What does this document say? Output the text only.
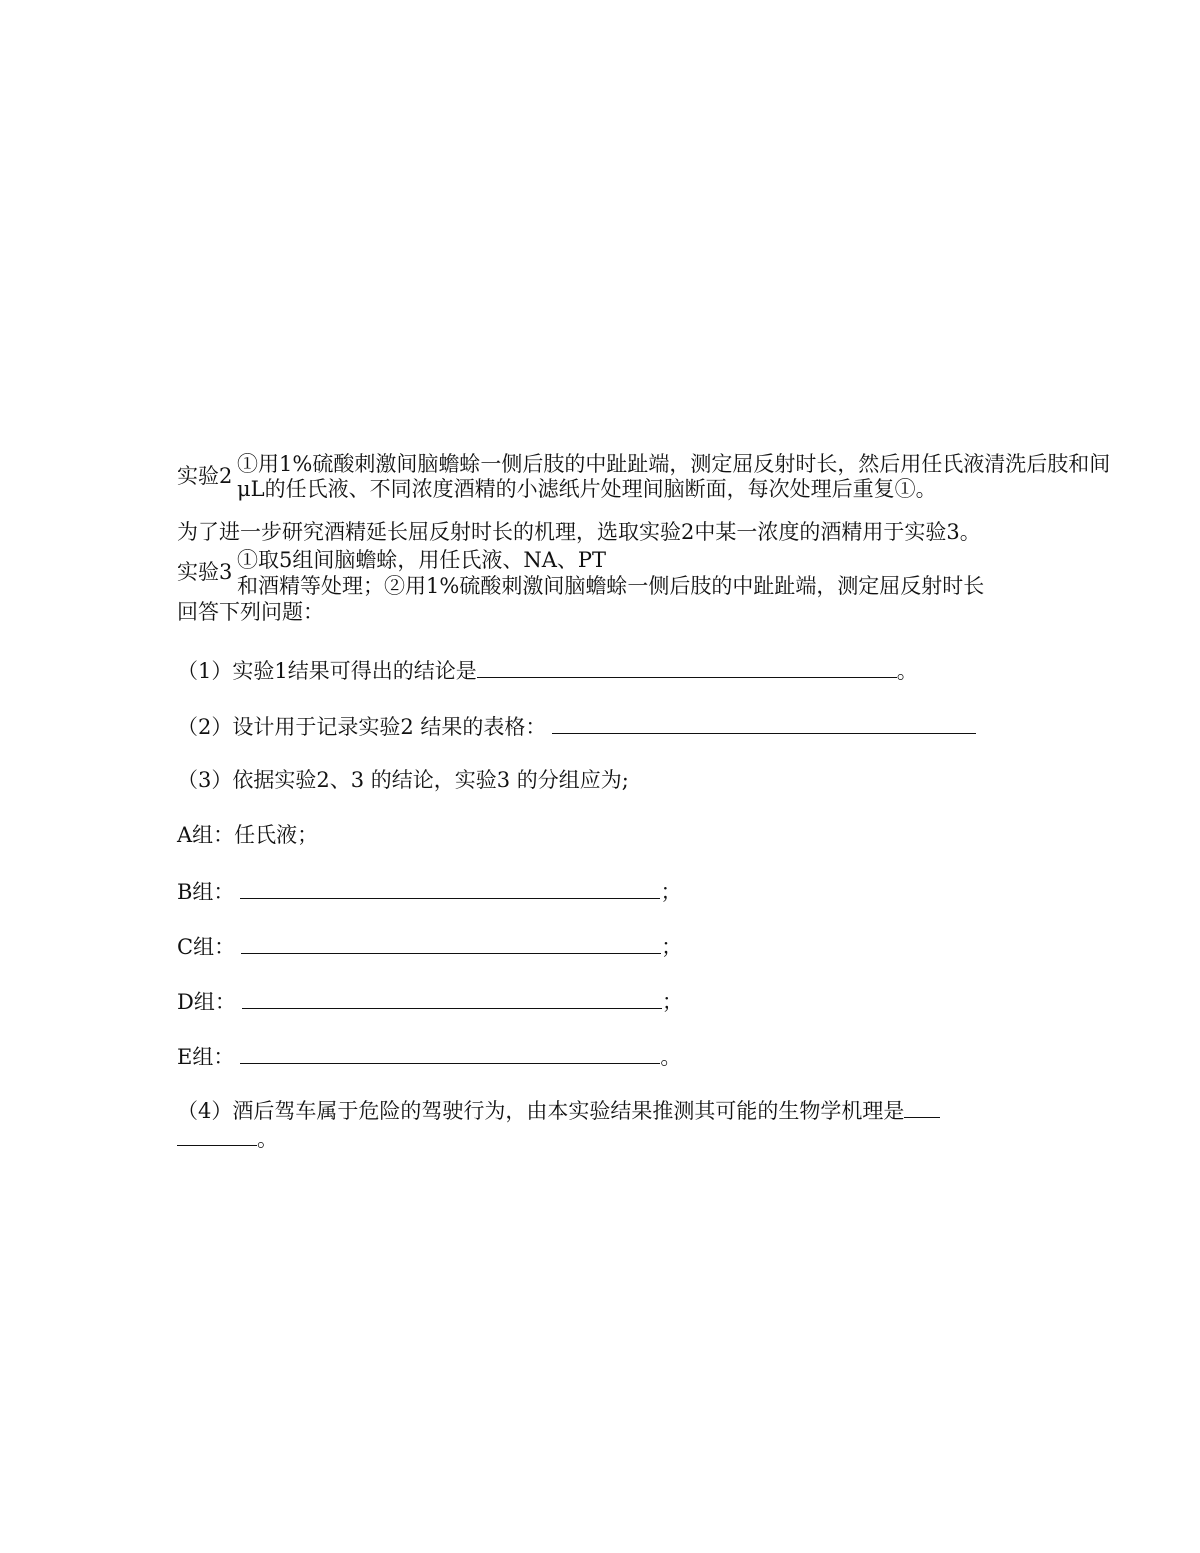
实验2 ①用1%硫酸刺激间脑蟾蜍一侧后肢的中趾趾端，测定屈反射时长，然后用任氏液清洗后肢和间
μL的任氏液、不同浓度酒精的小滤纸片处理间脑断面，每次处理后重复①。
为了进一步研究酒精延长屈反射时长的机理，选取实验2中某一浓度的酒精用于实验3。
实验3 ①取5组间脑蟾蜍，用任氏液、NA、PT
和酒精等处理；②用1%硫酸刺激间脑蟾蜍一侧后肢的中趾趾端，测定屈反射时长
回答下列问题：
（1）实验1结果可得出的结论是	。
（2）设计用于记录实验2 结果的表格：
（3）依据实验2、3 的结论，实验3 的分组应为;
A组：任氏液；
B组：	；
C组：	；
D组：	；
E组：	。
（4）酒后驾车属于危险的驾驶行为，由本实验结果推测其可能的生物学机理是
。
